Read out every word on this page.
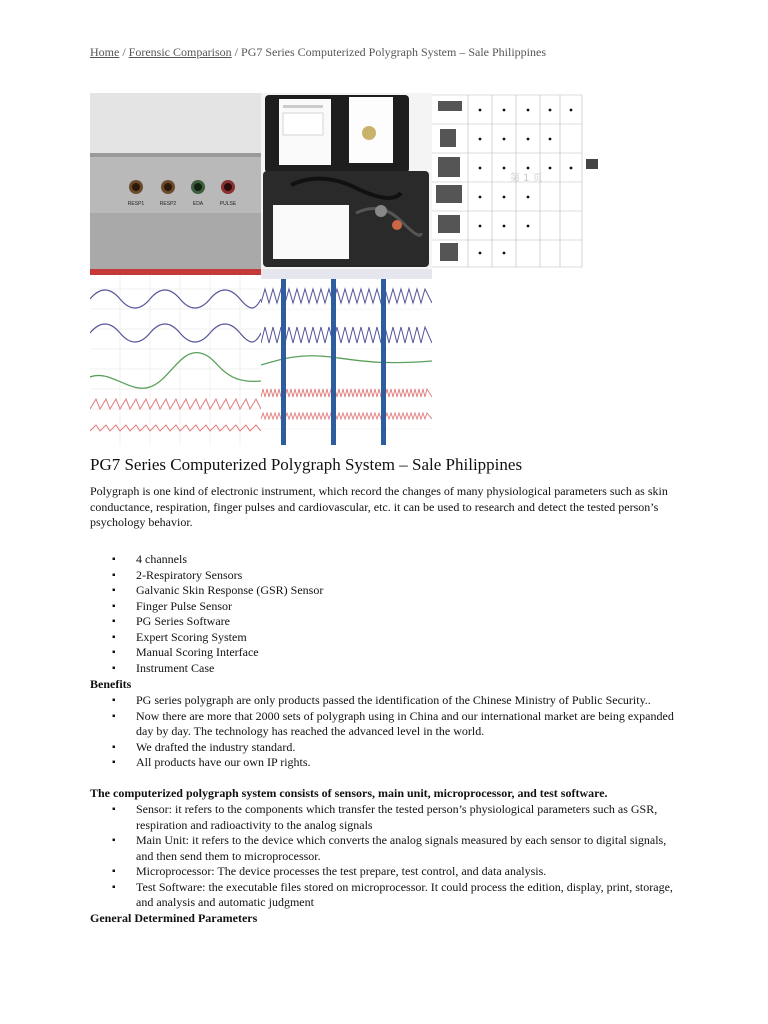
Home / Forensic Comparison / PG7 Series Computerized Polygraph System – Sale Philippines
RESP1	RESP2	EDA	PULSE
第 1 页
PG7 Series Computerized Polygraph System – Sale Philippines

Polygraph is one kind of electronic instrument, which record the changes of many physiological parameters such as skin conductance, respiration, finger pulses and cardiovascular, etc. it can be used to research and detect the tested person’s psychology behavior.

▪ 4 channels
▪ 2-Respiratory Sensors
▪ Galvanic Skin Response (GSR) Sensor
▪ Finger Pulse Sensor
▪ PG Series Software
▪ Expert Scoring System
▪ Manual Scoring Interface
▪ Instrument Case
Benefits
▪ PG series polygraph are only products passed the identification of the Chinese Ministry of Public Security..
▪ Now there are more that 2000 sets of polygraph using in China and our international market are being expanded day by day. The technology has reached the advanced level in the world.
▪ We drafted the industry standard.
▪ All products have our own IP rights.
The computerized polygraph system consists of sensors, main unit, microprocessor, and test software.
▪ Sensor: it refers to the components which transfer the tested person’s physiological parameters such as GSR, respiration and radioactivity to the analog signals
▪ Main Unit: it refers to the device which converts the analog signals measured by each sensor to digital signals, and then send them to microprocessor.
▪ Microprocessor: The device processes the test prepare, test control, and data analysis.
▪ Test Software: the executable files stored on microprocessor. It could process the edition, display, print, storage, and analysis and automatic judgment
General Determined Parameters
